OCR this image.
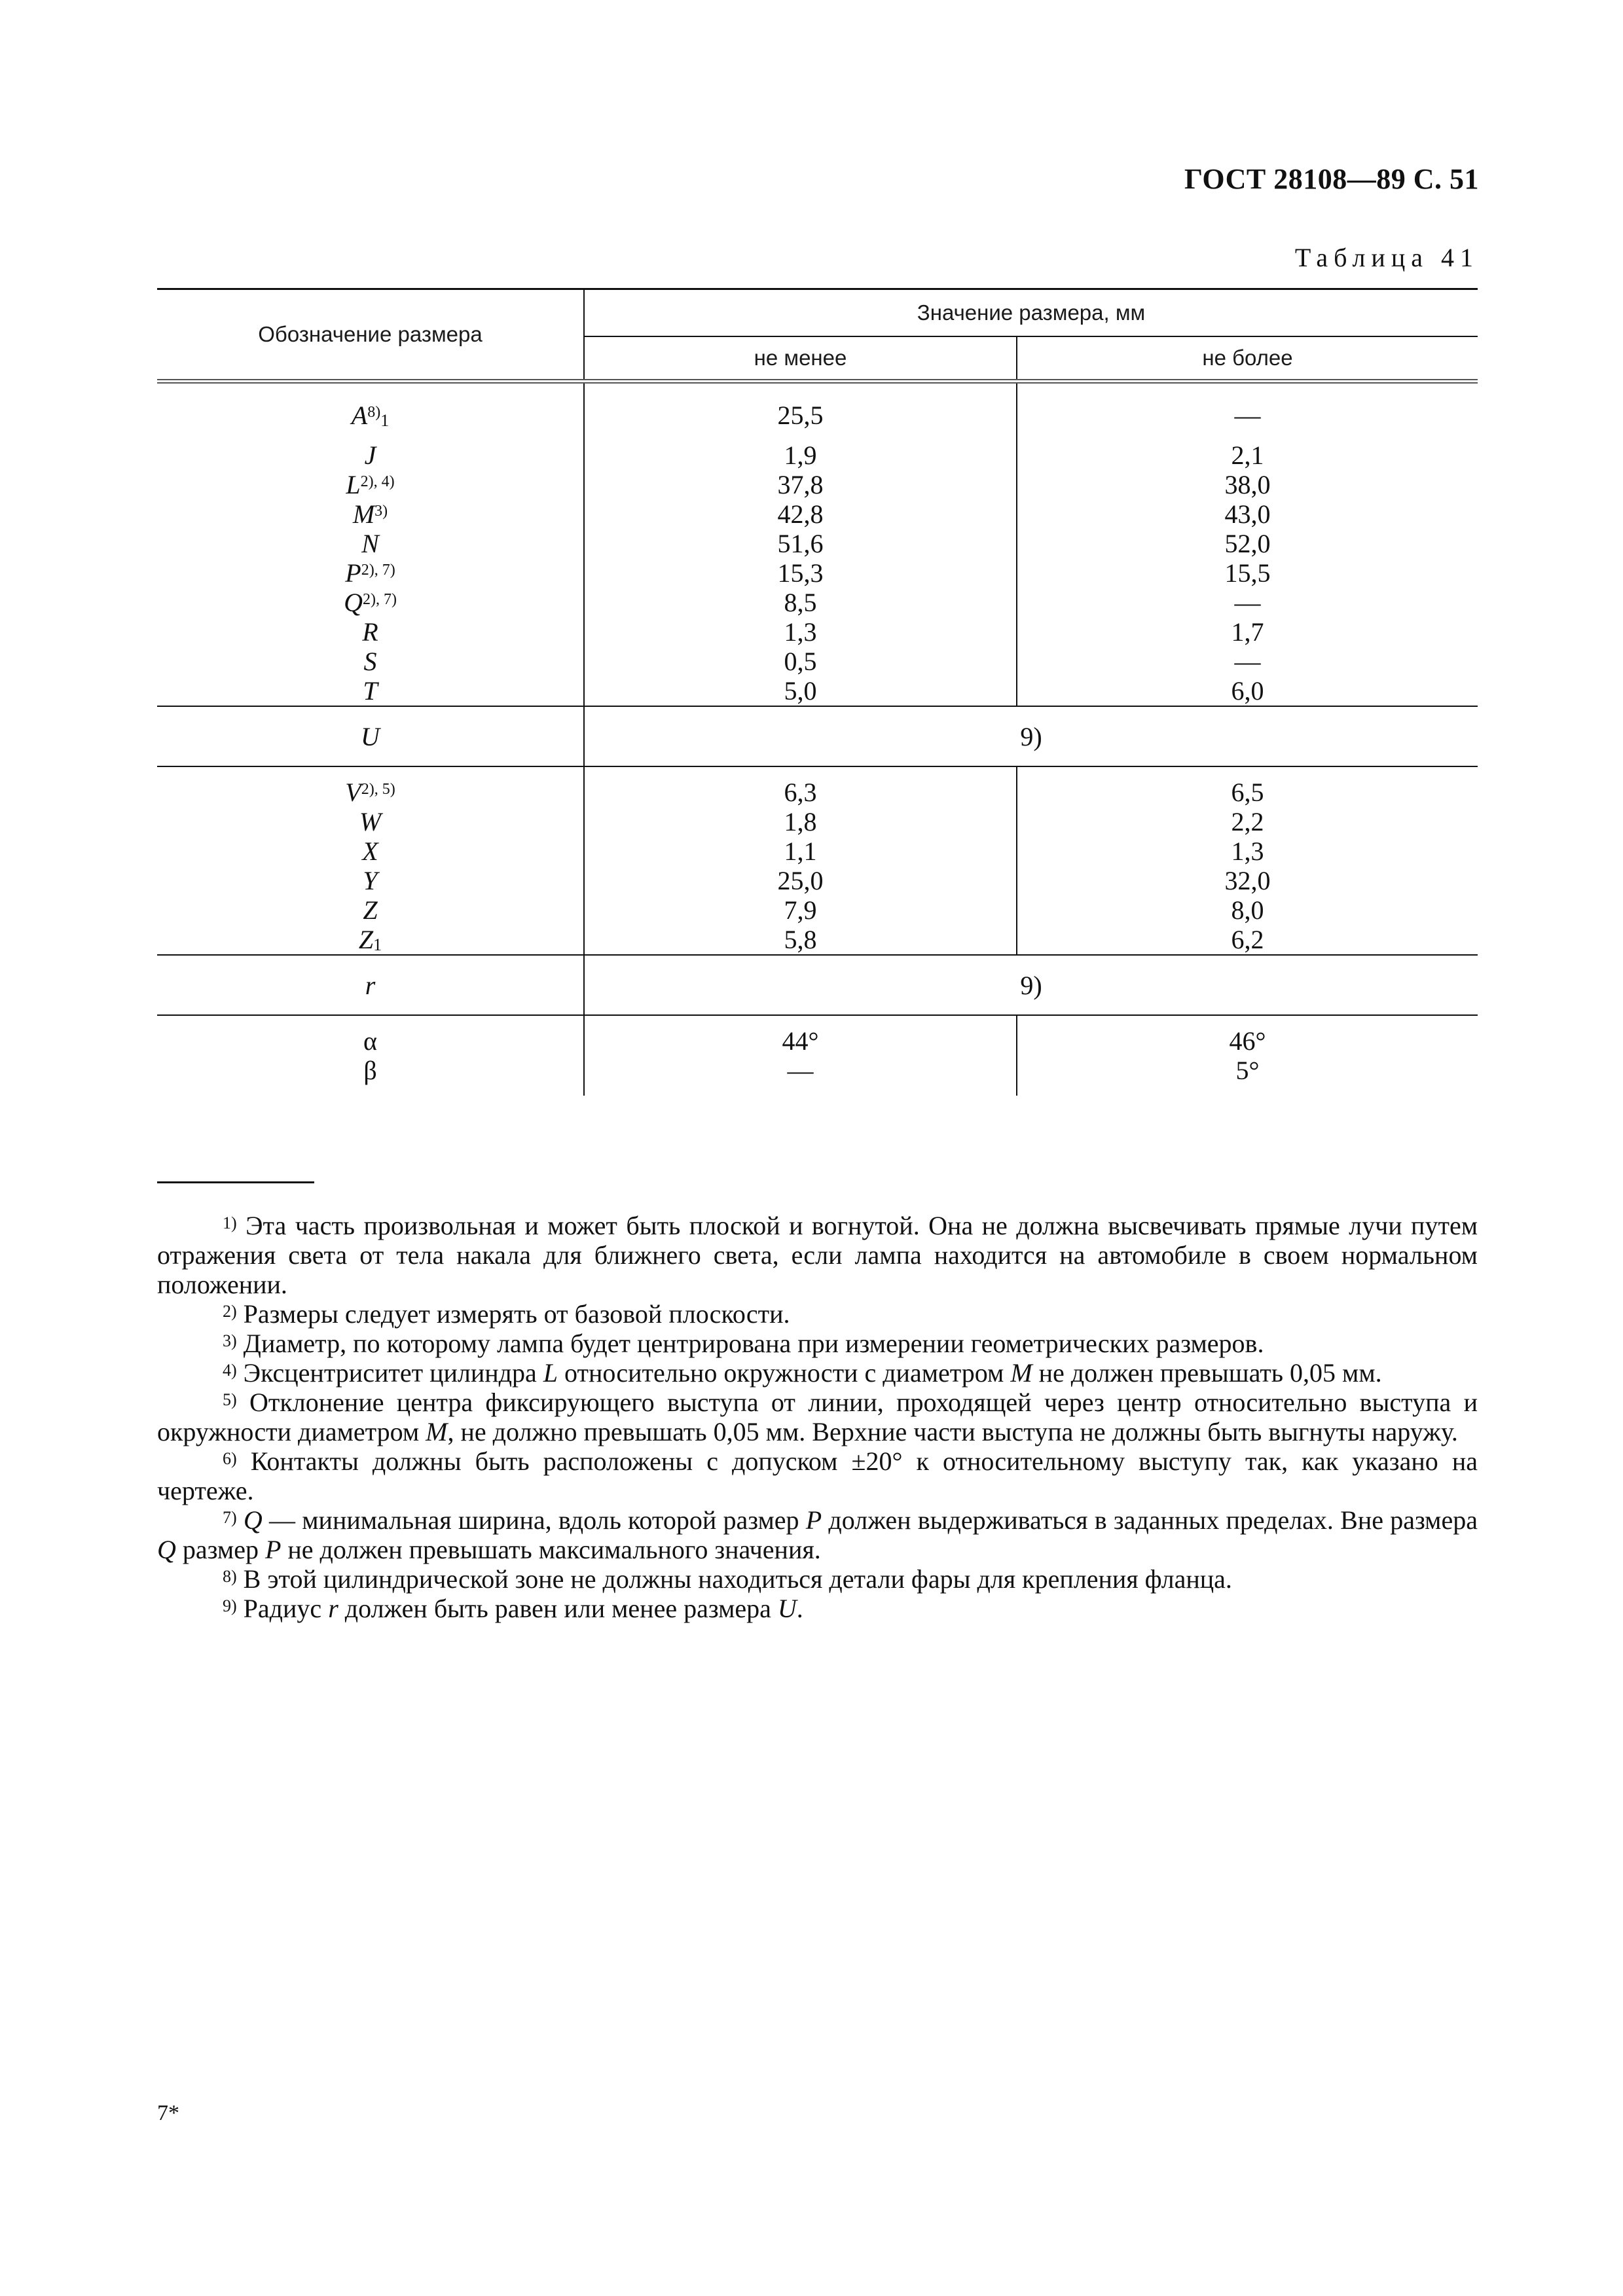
ГОСТ 28108—89 С. 51
Таблица 41
Обозначение размера	Значение размера, мм	
	не менее	не более

$A^{8)}_1$	25,5	—

J	1,9	2,1
$L^{2), 4)}$	37,8	38,0
$M^{3)}$	42,8	43,0
N	51,6	52,0
$P^{2), 7)}$	15,3	15,5
$Q^{2), 7)}$	8,5	—
R	1,3	1,7
S	0,5	—
T	5,0	6,0
U	9)	

$V^{2), 5)}$	6,3	6,5
W	1,8	2,2
X	1,1	1,3
Y	25,0	32,0
Z	7,9	8,0
$Z_1$	5,8	6,2
r	9)	

α	44°	46°
β	—	5°

$^{1)}$ Эта часть произвольная и может быть плоской и вогнутой. Она не должна высвечивать прямые лучи путем отражения света от тела накала для ближнего света, если лампа находится на автомобиле в своем нормальном положении.

$^{2)}$ Размеры следует измерять от базовой плоскости.

$^{3)}$ Диаметр, по которому лампа будет центрирована при измерении геометрических размеров.

$^{4)}$ Эксцентриситет цилиндра L относительно окружности с диаметром M не должен превышать 0,05 мм.

$^{5)}$ Отклонение центра фиксирующего выступа от линии, проходящей через центр относительно выступа и окружности диаметром M, не должно превышать 0,05 мм. Верхние части выступа не должны быть выгнуты наружу.

$^{6)}$ Контакты должны быть расположены с допуском ±20° к относительному выступу так, как указано на чертеже.

$^{7)}$ Q — минимальная ширина, вдоль которой размер P должен выдерживаться в заданных пределах. Вне размера Q размер P не должен превышать максимального значения.

$^{8)}$ В этой цилиндрической зоне не должны находиться детали фары для крепления фланца.

$^{9)}$ Радиус r должен быть равен или менее размера U.

7*
